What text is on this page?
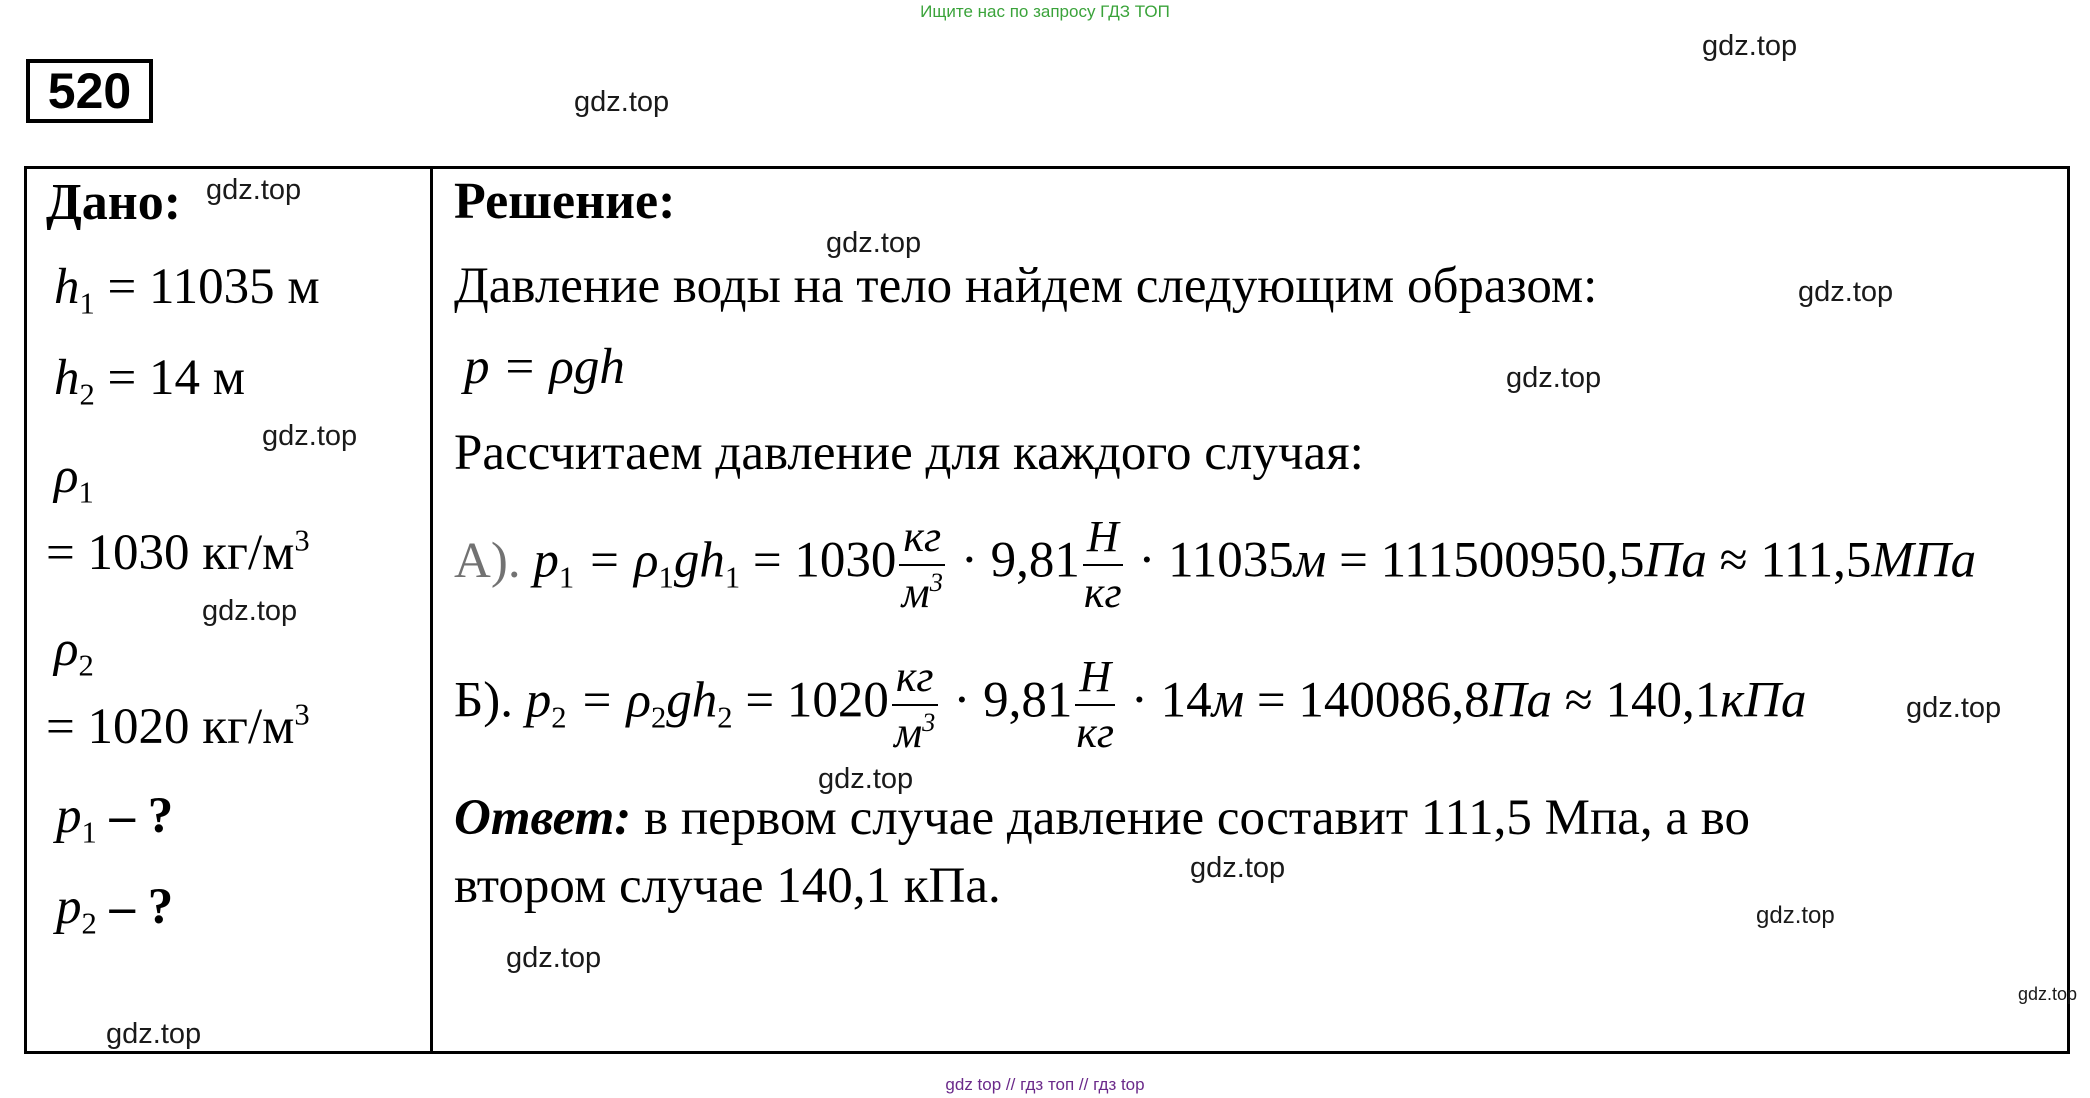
Ищите нас по запросу ГДЗ ТОП
520
Дано:
$h_1 = 11035$ м
$h_2 = 14$ м
$\rho_1$
= 1030 $кг/м^3$
$\rho_2$
= 1020 $кг/м^3$
$p_1$ – ?
$p_2$ – ?
Решение:
Давление воды на тело найдем следующим образом:
p = ρgh
Рассчитаем давление для каждого случая:
А). $p_1 = \rho_1gh_1 = 1030 \frac{кг}{м^3} \cdot 9,81 \frac{Н}{кг} \cdot 11035м = 111500950,5Па \approx 111,5МПа$
Б). $p_2 = \rho_2gh_2 = 1020 \frac{кг}{м^3} \cdot 9,81 \frac{Н}{кг} \cdot 14м = 140086,8Па \approx 140,1кПа$
Ответ: в первом случае давление составит 111,5 Мпа, а во
втором случае 140,1 кПа.
gdz.top
gdz.top
gdz.top
gdz.top
gdz.top
gdz.top
gdz.top
gdz.top
gdz.top
gdz.top
gdz.top
gdz.top
gdz.top
gdz.top
gdz.top
gdz top // гдз топ // гдз top
